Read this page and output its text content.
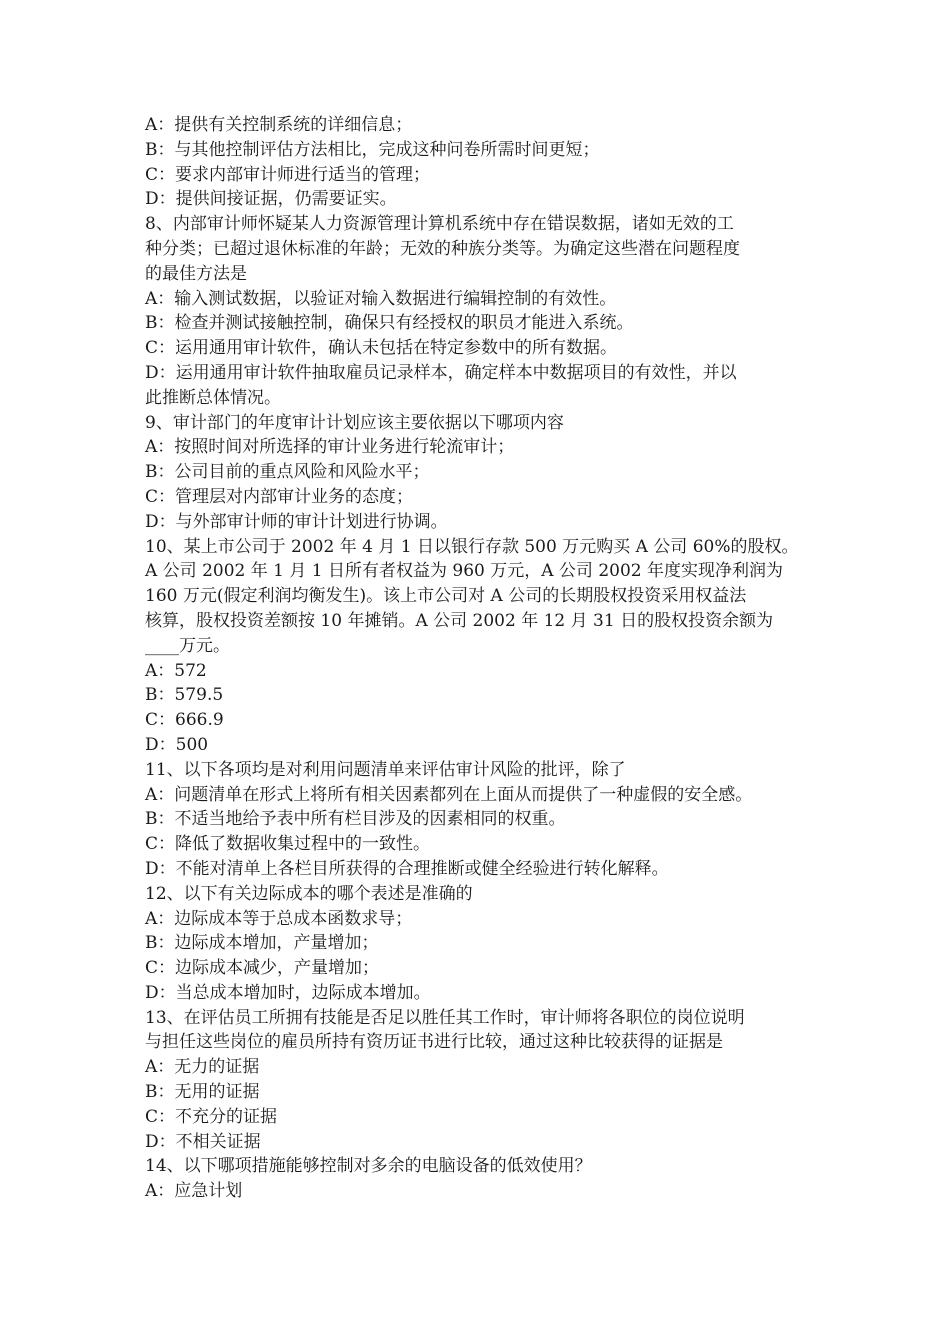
A：提供有关控制系统的详细信息；
B：与其他控制评估方法相比，完成这种问卷所需时间更短；
C：要求内部审计师进行适当的管理；
D：提供间接证据，仍需要证实。
8、内部审计师怀疑某人力资源管理计算机系统中存在错误数据，诸如无效的工
种分类；已超过退休标准的年龄；无效的种族分类等。为确定这些潜在问题程度
的最佳方法是
A：输入测试数据，以验证对输入数据进行编辑控制的有效性。
B：检查并测试接触控制，确保只有经授权的职员才能进入系统。
C：运用通用审计软件，确认未包括在特定参数中的所有数据。
D：运用通用审计软件抽取雇员记录样本，确定样本中数据项目的有效性，并以
此推断总体情况。
9、审计部门的年度审计计划应该主要依据以下哪项内容
A：按照时间对所选择的审计业务进行轮流审计；
B：公司目前的重点风险和风险水平；
C：管理层对内部审计业务的态度；
D：与外部审计师的审计计划进行协调。
10、某上市公司于 2002 年 4 月 1 日以银行存款 500 万元购买 A 公司 60%的股权。
A 公司 2002 年 1 月 1 日所有者权益为 960 万元，A 公司 2002 年度实现净利润为
160 万元(假定利润均衡发生)。该上市公司对 A 公司的长期股权投资采用权益法
核算，股权投资差额按 10 年摊销。A 公司 2002 年 12 月 31 日的股权投资余额为
____万元。
A：572
B：579.5
C：666.9
D：500
11、以下各项均是对利用问题清单来评估审计风险的批评，除了
A：问题清单在形式上将所有相关因素都列在上面从而提供了一种虚假的安全感。
B：不适当地给予表中所有栏目涉及的因素相同的权重。
C：降低了数据收集过程中的一致性。
D：不能对清单上各栏目所获得的合理推断或健全经验进行转化解释。
12、以下有关边际成本的哪个表述是准确的
A：边际成本等于总成本函数求导；
B：边际成本增加，产量增加；
C：边际成本减少，产量增加；
D：当总成本增加时，边际成本增加。
13、在评估员工所拥有技能是否足以胜任其工作时，审计师将各职位的岗位说明
与担任这些岗位的雇员所持有资历证书进行比较，通过这种比较获得的证据是
A：无力的证据
B：无用的证据
C：不充分的证据
D：不相关证据
14、以下哪项措施能够控制对多余的电脑设备的低效使用？
A：应急计划
